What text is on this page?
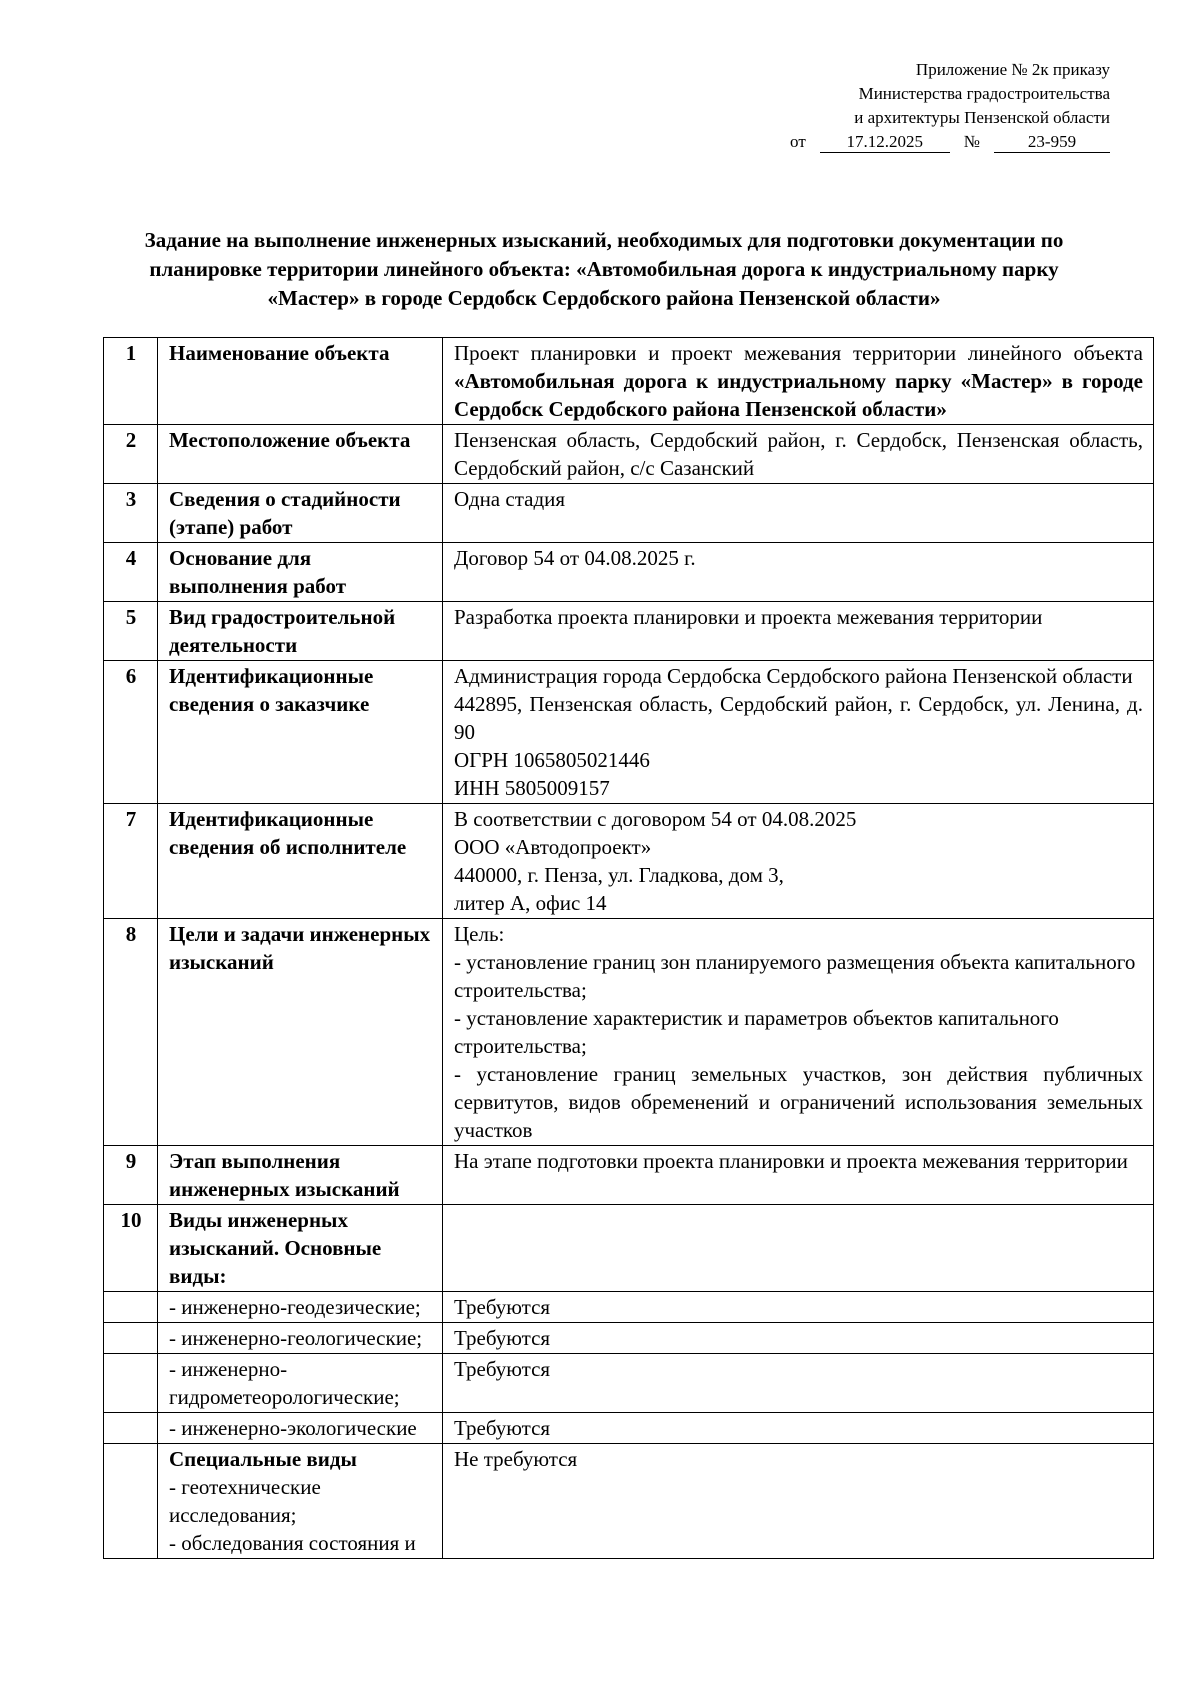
Приложение № 2к приказу
Министерства градостроительства
и архитектуры Пензенской области
от 17.12.2025 №	23-959
Задание на выполнение инженерных изысканий, необходимых для подготовки документации по планировке территории линейного объекта: «Автомобильная дорога к индустриальному парку «Мастер» в городе Сердобск Сердобского района Пензенской области»
1	Наименование объекта	Проект планировки и проект межевания территории линейного объекта «Автомобильная дорога к индустриальному парку «Мастер» в городе Сердобск Сердобского района Пензенской области»
2	Местоположение объекта	Пензенская область, Сердобский район, г. Сердобск, Пензенская область, Сердобский район, с/с Сазанский
3	Сведения о стадийности (этапе) работ	Одна стадия
4	Основание для выполнения работ	Договор 54 от 04.08.2025 г.
5	Вид градостроительной деятельности	Разработка проекта планировки и проекта межевания территории
6	Идентификационные сведения о заказчике	Администрация города Сердобска Сердобского района Пензенской области
442895, Пензенская область, Сердобский район, г. Сердобск, ул. Ленина, д. 90
ОГРН 1065805021446
ИНН 5805009157

7	Идентификационные сведения об исполнителе	В соответствии с договором 54 от 04.08.2025
ООО «Автодопроект»
440000, г. Пенза, ул. Гладкова, дом 3,
литер А, офис 14

8	Цели и задачи инженерных изысканий	Цель:
- установление границ зон планируемого размещения объекта капитального строительства;
- установление характеристик и параметров объектов капитального строительства;
- установление границ земельных участков, зон действия публичных сервитутов, видов обременений и ограничений использования земельных участков

9	Этап выполнения инженерных изысканий	На этапе подготовки проекта планировки и проекта межевания территории
10	Виды инженерных изысканий. Основные виды:	
	- инженерно-геодезические;	Требуются
	- инженерно-геологические;	Требуются
	- инженерно-гидрометеорологические;	Требуются
	- инженерно-экологические	Требуются

	Специальные виды
- геотехнические исследования;
- обследования состояния и	Не требуются
